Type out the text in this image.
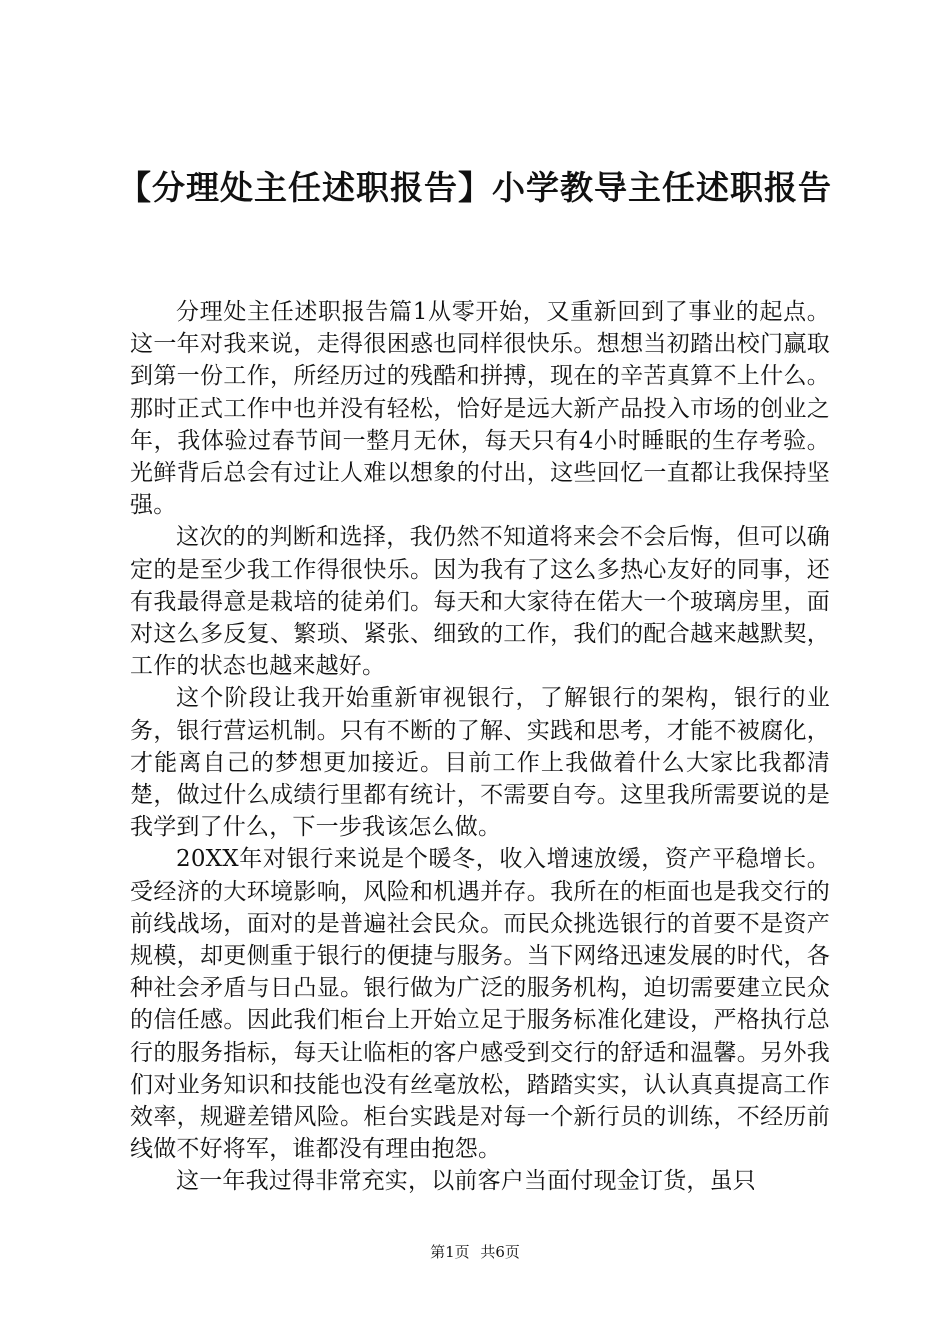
【分理处主任述职报告】小学教导主任述职报告

分理处主任述职报告篇1从零开始，又重新回到了事业的起点。这一年对我来说，走得很困惑也同样很快乐。想想当初踏出校门赢取到第一份工作，所经历过的残酷和拼搏，现在的辛苦真算不上什么。那时正式工作中也并没有轻松，恰好是远大新产品投入市场的创业之年，我体验过春节间一整月无休，每天只有4小时睡眠的生存考验。光鲜背后总会有过让人难以想象的付出，这些回忆一直都让我保持坚强。

这次的的判断和选择，我仍然不知道将来会不会后悔，但可以确定的是至少我工作得很快乐。因为我有了这么多热心友好的同事，还有我最得意是栽培的徒弟们。每天和大家待在偌大一个玻璃房里，面对这么多反复、繁琐、紧张、细致的工作，我们的配合越来越默契，工作的状态也越来越好。

这个阶段让我开始重新审视银行，了解银行的架构，银行的业务，银行营运机制。只有不断的了解、实践和思考，才能不被腐化，才能离自己的梦想更加接近。目前工作上我做着什么大家比我都清楚，做过什么成绩行里都有统计，不需要自夸。这里我所需要说的是我学到了什么，下一步我该怎么做。

20XX年对银行来说是个暖冬，收入增速放缓，资产平稳增长。受经济的大环境影响，风险和机遇并存。我所在的柜面也是我交行的前线战场，面对的是普遍社会民众。而民众挑选银行的首要不是资产规模，却更侧重于银行的便捷与服务。当下网络迅速发展的时代，各种社会矛盾与日凸显。银行做为广泛的服务机构，迫切需要建立民众的信任感。因此我们柜台上开始立足于服务标准化建设，严格执行总行的服务指标，每天让临柜的客户感受到交行的舒适和温馨。另外我们对业务知识和技能也没有丝毫放松，踏踏实实，认认真真提高工作效率，规避差错风险。柜台实践是对每一个新行员的训练，不经历前线做不好将军，谁都没有理由抱怨。

这一年我过得非常充实，以前客户当面付现金订货，虽只

第1页 共6页
